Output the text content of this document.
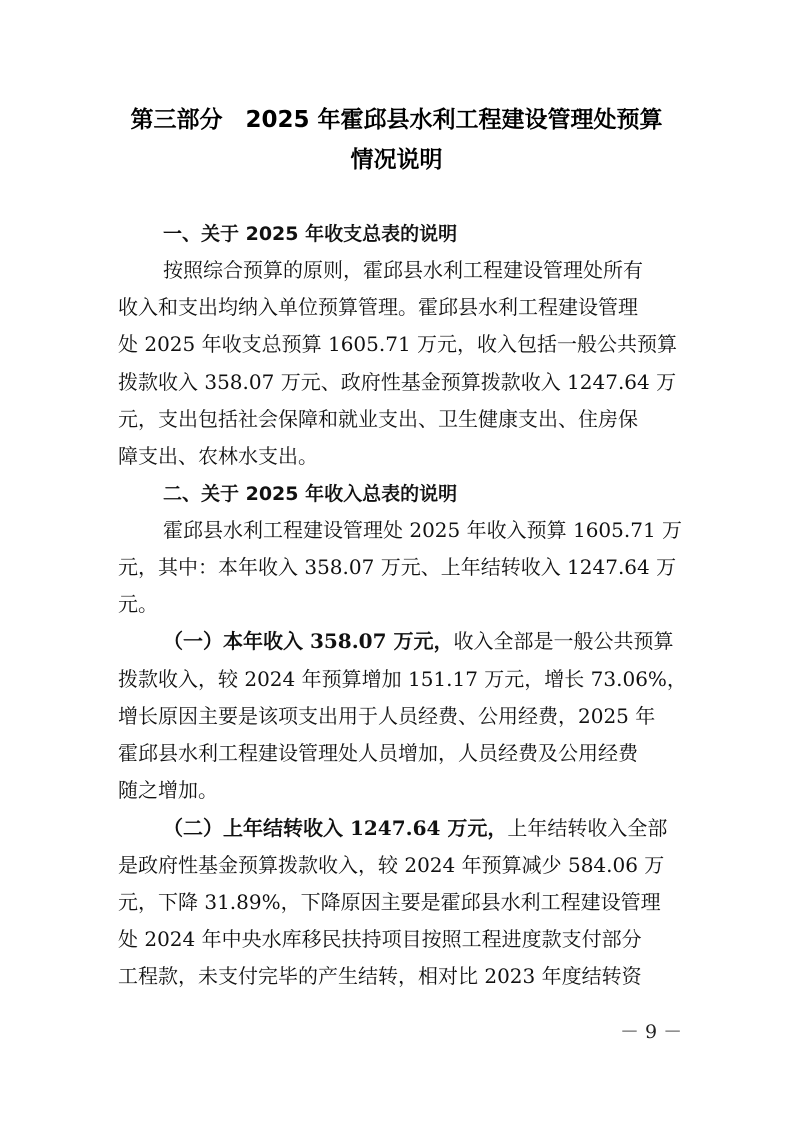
第三部分　2025 年霍邱县水利工程建设管理处预算
情况说明
一、关于 2025 年收支总表的说明
按照综合预算的原则，霍邱县水利工程建设管理处所有
收入和支出均纳入单位预算管理。霍邱县水利工程建设管理
处 2025 年收支总预算 1605.71 万元，收入包括一般公共预算
拨款收入 358.07 万元、政府性基金预算拨款收入 1247.64 万
元，支出包括社会保障和就业支出、卫生健康支出、住房保
障支出、农林水支出。
二、关于 2025 年收入总表的说明
霍邱县水利工程建设管理处 2025 年收入预算 1605.71 万
元，其中：本年收入 358.07 万元、上年结转收入 1247.64 万
元。
（一）本年收入 358.07 万元，收入全部是一般公共预算
拨款收入，较 2024 年预算增加 151.17 万元，增长 73.06%，
增长原因主要是该项支出用于人员经费、公用经费，2025 年
霍邱县水利工程建设管理处人员增加，人员经费及公用经费
随之增加。
（二）上年结转收入 1247.64 万元，上年结转收入全部
是政府性基金预算拨款收入，较 2024 年预算减少 584.06 万
元，下降 31.89%，下降原因主要是霍邱县水利工程建设管理
处 2024 年中央水库移民扶持项目按照工程进度款支付部分
工程款，未支付完毕的产生结转，相对比 2023 年度结转资
－ 9 －
